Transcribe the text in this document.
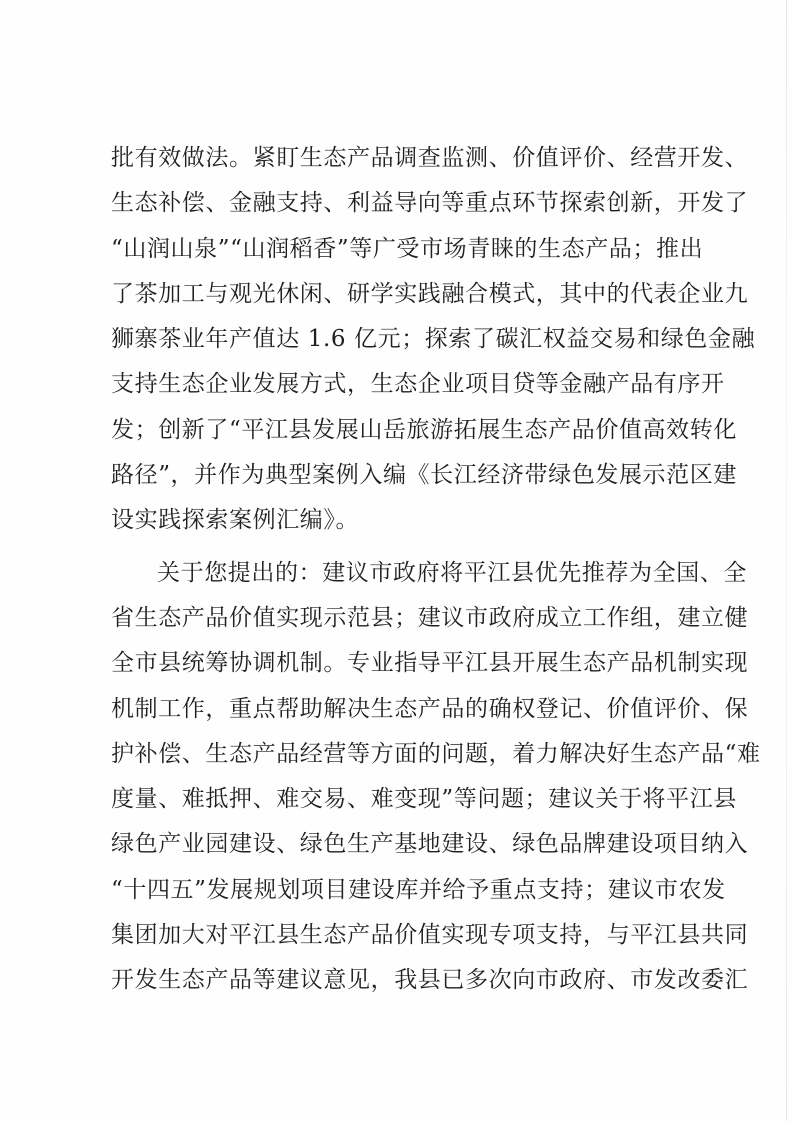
批有效做法。紧盯生态产品调查监测、价值评价、经营开发、
生态补偿、金融支持、利益导向等重点环节探索创新，开发了
“山润山泉”“山润稻香”等广受市场青睐的生态产品；推出
了茶加工与观光休闲、研学实践融合模式，其中的代表企业九
狮寨茶业年产值达 1.6 亿元；探索了碳汇权益交易和绿色金融
支持生态企业发展方式，生态企业项目贷等金融产品有序开
发；创新了“平江县发展山岳旅游拓展生态产品价值高效转化
路径”，并作为典型案例入编《长江经济带绿色发展示范区建
设实践探索案例汇编》。
关于您提出的：建议市政府将平江县优先推荐为全国、全
省生态产品价值实现示范县；建议市政府成立工作组，建立健
全市县统筹协调机制。专业指导平江县开展生态产品机制实现
机制工作，重点帮助解决生态产品的确权登记、价值评价、保
护补偿、生态产品经营等方面的问题，着力解决好生态产品“难
度量、难抵押、难交易、难变现”等问题；建议关于将平江县
绿色产业园建设、绿色生产基地建设、绿色品牌建设项目纳入
“十四五”发展规划项目建设库并给予重点支持；建议市农发
集团加大对平江县生态产品价值实现专项支持，与平江县共同
开发生态产品等建议意见，我县已多次向市政府、市发改委汇
